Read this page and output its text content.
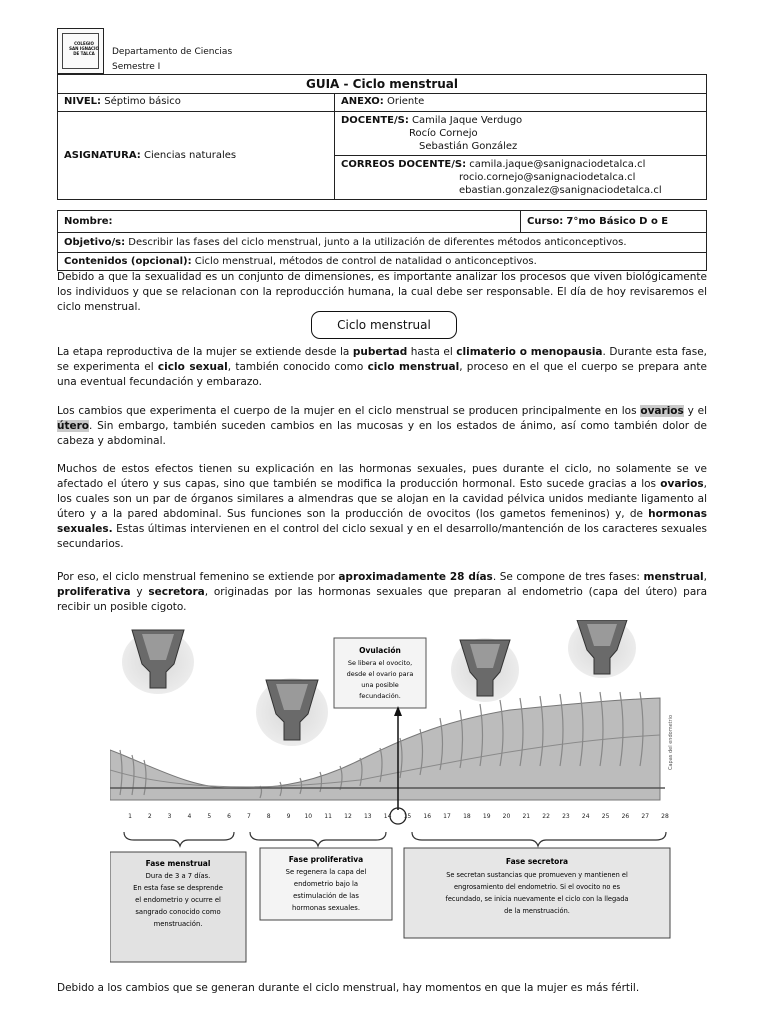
COLEGIO SAN IGNACIO DE TALCA	Departamento de Ciencias
Semestre I
GUIA - Ciclo menstrual	
NIVEL: Séptimo básico	ANEXO: Oriente
ASIGNATURA: Ciencias naturales	DOCENTE/S: Camila Jaque Verdugo
Rocío Cornejo
Sebastián González
	CORREOS DOCENTE/S: camila.jaque@sanignaciodetalca.cl
rocio.cornejo@sanignaciodetalca.cl
ebastian.gonzalez@sanignaciodetalca.cl
Nombre:	Curso: 7°mo Básico D o E
Objetivo/s: Describir las fases del ciclo menstrual, junto a la utilización de diferentes métodos anticonceptivos.
Contenidos (opcional): Ciclo menstrual, métodos de control de natalidad o anticonceptivos.
Debido a que la sexualidad es un conjunto de dimensiones, es importante analizar los procesos que viven biológicamente los individuos y que se relacionan con la reproducción humana, la cual debe ser responsable. El día de hoy revisaremos el ciclo menstrual.
Ciclo menstrual
La etapa reproductiva de la mujer se extiende desde la pubertad hasta el climaterio o menopausia. Durante esta fase, se experimenta el ciclo sexual, también conocido como ciclo menstrual, proceso en el que el cuerpo se prepara ante una eventual fecundación y embarazo.
Los cambios que experimenta el cuerpo de la mujer en el ciclo menstrual se producen principalmente en los ovarios y el útero. Sin embargo, también suceden cambios en las mucosas y en los estados de ánimo, así como también dolor de cabeza y abdominal.
Muchos de estos efectos tienen su explicación en las hormonas sexuales, pues durante el ciclo, no solamente se ve afectado el útero y sus capas, sino que también se modifica la producción hormonal. Esto sucede gracias a los ovarios, los cuales son un par de órganos similares a almendras que se alojan en la cavidad pélvica unidos mediante ligamento al útero y a la pared abdominal. Sus funciones son la producción de ovocitos (los gametos femeninos) y, de hormonas sexuales. Estas últimas intervienen en el control del ciclo sexual y en el desarrollo/mantención de los caracteres sexuales secundarios.
Por eso, el ciclo menstrual femenino se extiende por aproximadamente 28 días. Se compone de tres fases: menstrual, proliferativa y secretora, originadas por las hormonas sexuales que preparan al endometrio (capa del útero) para recibir un posible cigoto.
Capas del endometrio
Ovulación
Se libera el ovocito,
desde el ovario para
una posible
fecundación.
1	2	3	4	5	6	7	8	9 10 11 12 13 14 15 16 17 18 19 20 21 22 23 24 25 26 27 28
Fase menstrual
Dura de 3 a 7 días.
En esta fase se desprende
el endometrio y ocurre el
sangrado conocido como
menstruación.
Fase proliferativa
Se regenera la capa del
endometrio bajo la
estimulación de las
hormonas sexuales.
Fase secretora
Se secretan sustancias que promueven y mantienen el
engrosamiento del endometrio. Si el ovocito no es
fecundado, se inicia nuevamente el ciclo con la llegada
de la menstruación.
Debido a los cambios que se generan durante el ciclo menstrual, hay momentos en que la mujer es más fértil.
